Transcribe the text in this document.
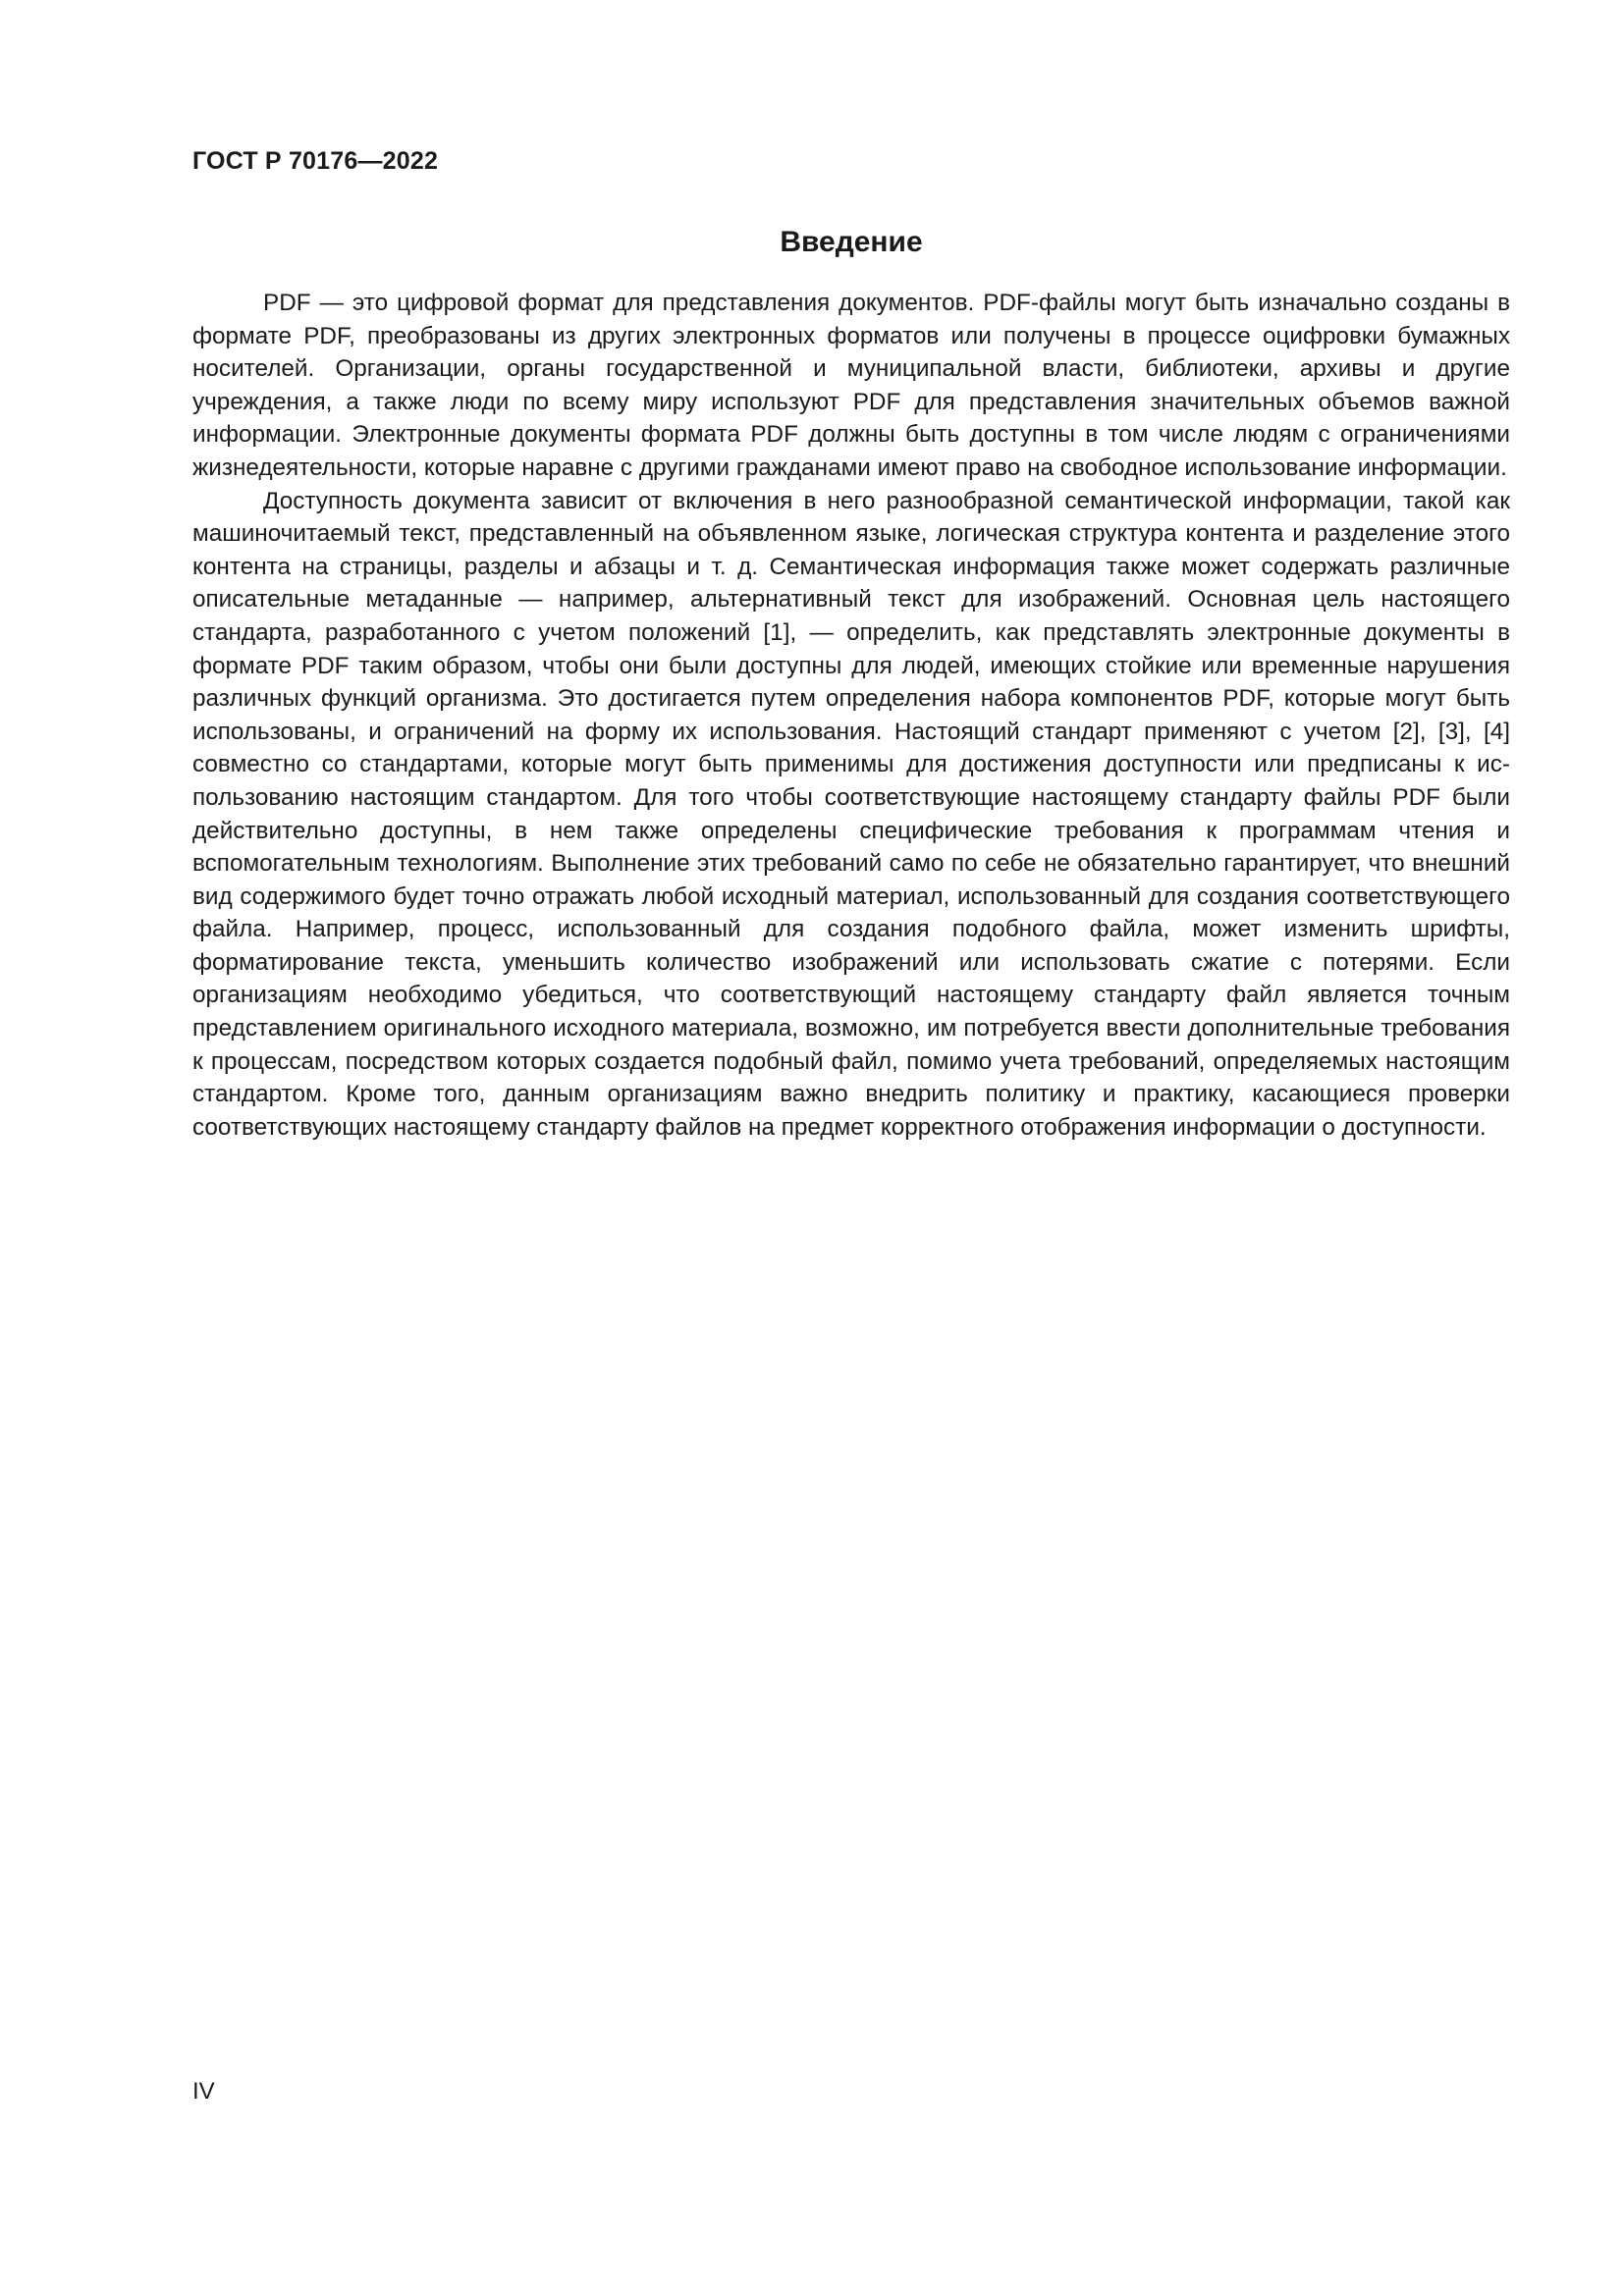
ГОСТ Р 70176—2022
Введение

PDF — это цифровой формат для представления документов. PDF-файлы могут быть изначально созданы в формате PDF, преобразованы из других электронных форматов или получены в процессе оцифровки бумажных носителей. Организации, органы государственной и муниципальной власти, библиотеки, архивы и другие учреждения, а также люди по всему миру используют PDF для представления значительных объемов важной информации. Электронные документы формата PDF должны быть доступны в том числе людям с ограничениями жизнедеятельности, которые наравне с другими гражданами имеют право на свободное использование информации.

Доступность документа зависит от включения в него разнообразной семантической информации, такой как машиночитаемый текст, представленный на объявленном языке, логическая структура контента и разделение этого контента на страницы, разделы и абзацы и т. д. Семантическая информация также может содержать различные описательные метаданные — например, альтернативный текст для изображений. Основная цель настоящего стандарта, разработанного с учетом положений [1], — определить, как представлять электронные документы в формате PDF таким образом, чтобы они были доступны для людей, имеющих стойкие или временные нарушения различных функций организма. Это достигается путем определения набора компонентов PDF, которые могут быть использованы, и ограничений на форму их использования. Настоящий стандарт применяют с учетом [2], [3], [4] совместно со стандартами, которые могут быть применимы для достижения доступности или предписаны к использованию настоящим стандартом. Для того чтобы соответствующие настоящему стандарту файлы PDF были действительно доступны, в нем также определены специфические требования к программам чтения и вспомогательным технологиям. Выполнение этих требований само по себе не обязательно гарантирует, что внешний вид содержимого будет точно отражать любой исходный материал, использованный для создания соответствующего файла. Например, процесс, использованный для создания подобного файла, может изменить шрифты, форматирование текста, уменьшить количество изображений или использовать сжатие с потерями. Если организациям необходимо убедиться, что соответствующий настоящему стандарту файл является точным представлением оригинального исходного материала, возможно, им потребуется ввести дополнительные требования к процессам, посредством которых создается подобный файл, помимо учета требований, определяемых настоящим стандартом. Кроме того, данным организациям важно внедрить политику и практику, касающиеся проверки соответствующих настоящему стандарту файлов на предмет корректного отображения информации о доступности.

IV
